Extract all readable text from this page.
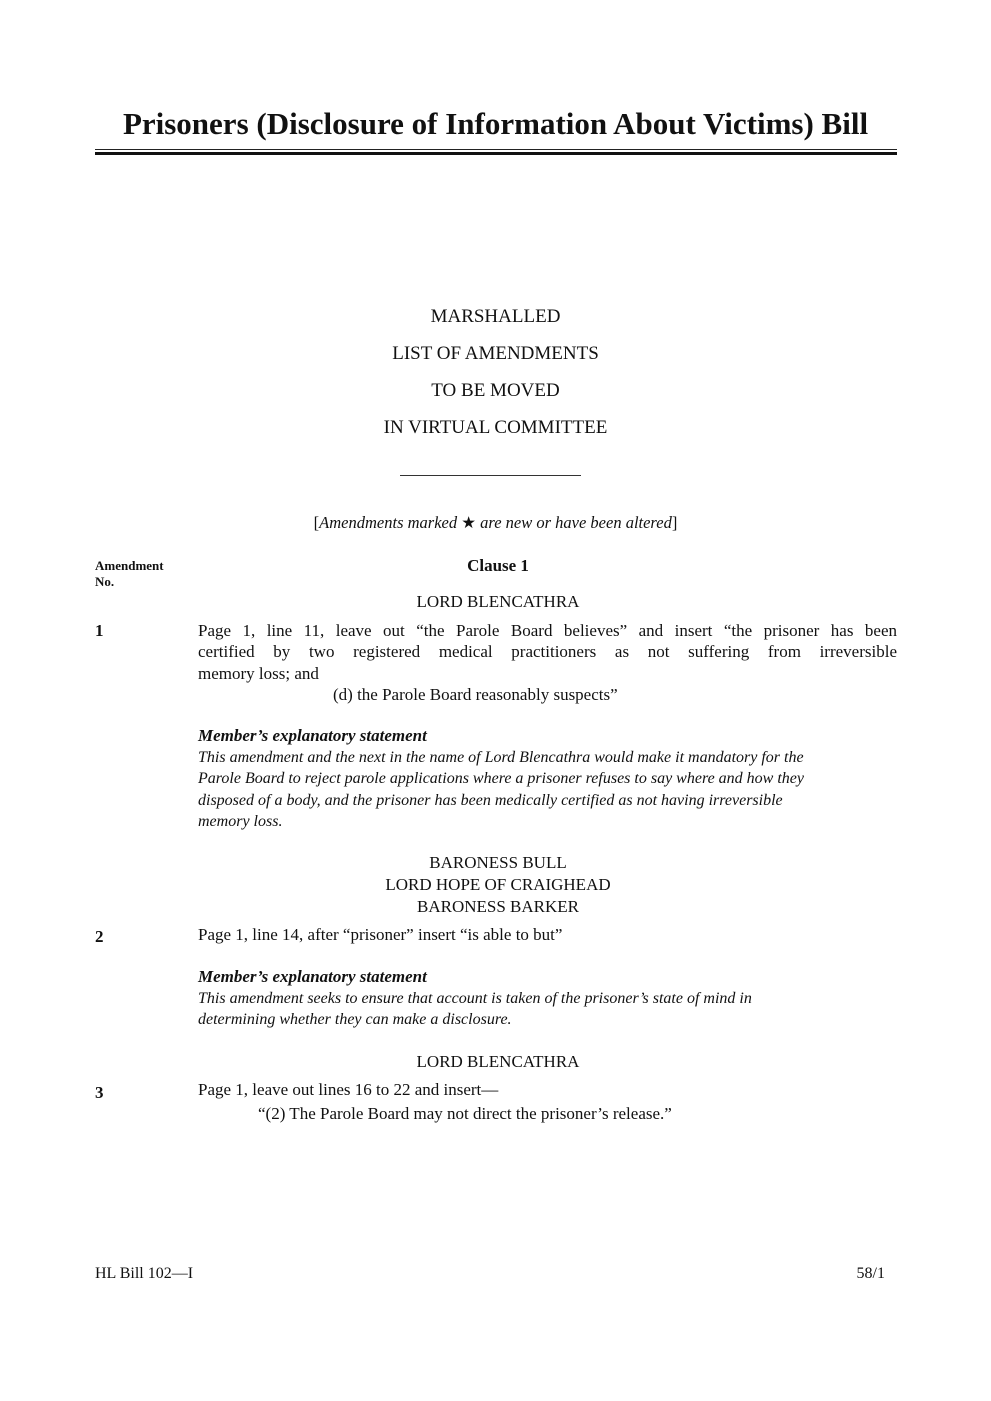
Prisoners (Disclosure of Information About Victims) Bill
MARSHALLED
LIST OF AMENDMENTS
TO BE MOVED
IN VIRTUAL COMMITTEE
[Amendments marked ★ are new or have been altered]
Amendment
No.
Clause 1
LORD BLENCATHRA
1	Page 1, line 11, leave out “the Parole Board believes” and insert “the prisoner has been
certified by two registered medical practitioners as not suffering from irreversible
memory loss; and
(d) the Parole Board reasonably suspects”
Member’s explanatory statement
This amendment and the next in the name of Lord Blencathra would make it mandatory for the
Parole Board to reject parole applications where a prisoner refuses to say where and how they
disposed of a body, and the prisoner has been medically certified as not having irreversible
memory loss.
BARONESS BULL
LORD HOPE OF CRAIGHEAD
BARONESS BARKER
2	Page 1, line 14, after “prisoner” insert “is able to but”
Member’s explanatory statement
This amendment seeks to ensure that account is taken of the prisoner’s state of mind in
determining whether they can make a disclosure.
LORD BLENCATHRA
3	Page 1, leave out lines 16 to 22 and insert—
“(2) The Parole Board may not direct the prisoner’s release.”
HL Bill 102—I	58/1
